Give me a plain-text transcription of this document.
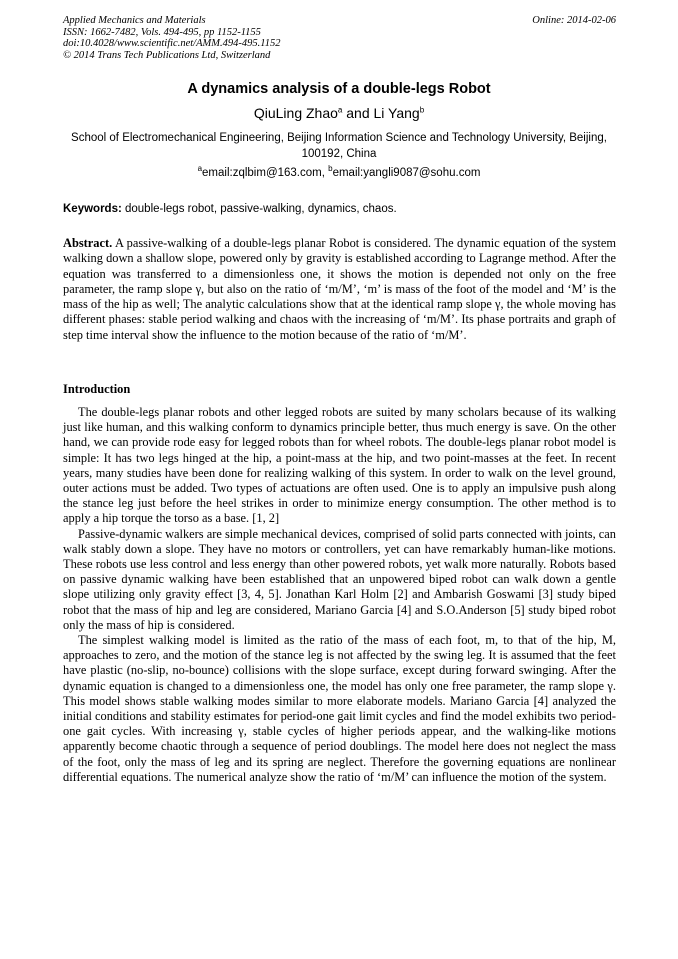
Applied Mechanics and Materials
ISSN: 1662-7482, Vols. 494-495, pp 1152-1155
doi:10.4028/www.scientific.net/AMM.494-495.1152
© 2014 Trans Tech Publications Ltd, Switzerland
Online: 2014-02-06
A dynamics analysis of a double-legs Robot
QiuLing Zhao$^a$ and Li Yang$^b$
School of Electromechanical Engineering, Beijing Information Science and Technology University, Beijing, 100192, China
$^a$email:zqlbim@163.com, $^b$email:yangli9087@sohu.com
Keywords: double-legs robot, passive-walking, dynamics, chaos.
Abstract. A passive-walking of a double-legs planar Robot is considered. The dynamic equation of the system walking down a shallow slope, powered only by gravity is established according to Lagrange method. After the equation was transferred to a dimensionless one, it shows the motion is depended not only on the free parameter, the ramp slope γ, but also on the ratio of ‘m/M’, ‘m’ is mass of the foot of the model and ‘M’ is the mass of the hip as well; The analytic calculations show that at the identical ramp slope γ, the whole moving has different phases: stable period walking and chaos with the increasing of ‘m/M’. Its phase portraits and graph of step time interval show the influence to the motion because of the ratio of ‘m/M’.
Introduction

The double-legs planar robots and other legged robots are suited by many scholars because of its walking just like human, and this walking conform to dynamics principle better, thus much energy is save. On the other hand, we can provide rode easy for legged robots than for wheel robots. The double-legs planar robot model is simple: It has two legs hinged at the hip, a point-mass at the hip, and two point-masses at the feet. In recent years, many studies have been done for realizing walking of this system. In order to walk on the level ground, outer actions must be added. Two types of actuations are often used. One is to apply an impulsive push along the stance leg just before the heel strikes in order to minimize energy consumption. The other method is to apply a hip torque the torso as a base. [1, 2]

Passive-dynamic walkers are simple mechanical devices, comprised of solid parts connected with joints, can walk stably down a slope. They have no motors or controllers, yet can have remarkably human-like motions. These robots use less control and less energy than other powered robots, yet walk more naturally. Robots based on passive dynamic walking have been established that an unpowered biped robot can walk down a gentle slope utilizing only gravity effect [3, 4, 5]. Jonathan Karl Holm [2] and Ambarish Goswami [3] study biped robot that the mass of hip and leg are considered, Mariano Garcia [4] and S.O.Anderson [5] study biped robot only the mass of hip is considered.

The simplest walking model is limited as the ratio of the mass of each foot, m, to that of the hip, M, approaches to zero, and the motion of the stance leg is not affected by the swing leg. It is assumed that the feet have plastic (no-slip, no-bounce) collisions with the slope surface, except during forward swinging. After the dynamic equation is changed to a dimensionless one, the model has only one free parameter, the ramp slope γ. This model shows stable walking modes similar to more elaborate models. Mariano Garcia [4] analyzed the initial conditions and stability estimates for period-one gait limit cycles and find the model exhibits two period-one gait cycles. With increasing γ, stable cycles of higher periods appear, and the walking-like motions apparently become chaotic through a sequence of period doublings. The model here does not neglect the mass of the foot, only the mass of leg and its spring are neglect. Therefore the governing equations are nonlinear differential equations. The numerical analyze show the ratio of ‘m/M’ can influence the motion of the system.
